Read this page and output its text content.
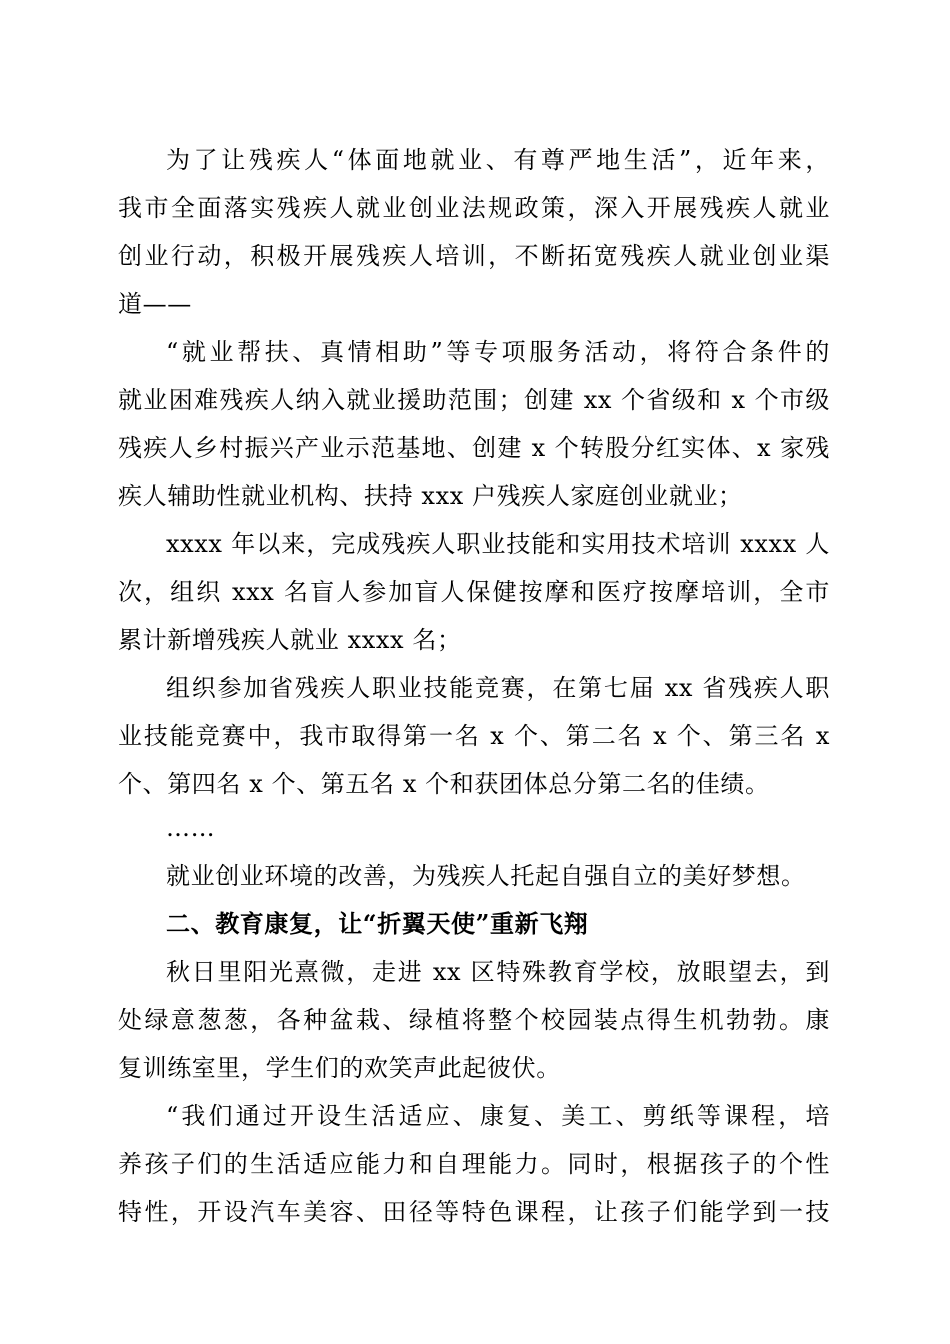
为了让残疾人“体面地就业、有尊严地生活”，近年来，
我市全面落实残疾人就业创业法规政策，深入开展残疾人就业
创业行动，积极开展残疾人培训，不断拓宽残疾人就业创业渠
道——
“就业帮扶、真情相助”等专项服务活动，将符合条件的
就业困难残疾人纳入就业援助范围；创建 xx 个省级和 x 个市级
残疾人乡村振兴产业示范基地、创建 x 个转股分红实体、x 家残
疾人辅助性就业机构、扶持 xxx 户残疾人家庭创业就业；
xxxx 年以来，完成残疾人职业技能和实用技术培训 xxxx 人
次，组织 xxx 名盲人参加盲人保健按摩和医疗按摩培训，全市
累计新增残疾人就业 xxxx 名；
组织参加省残疾人职业技能竞赛，在第七届 xx 省残疾人职
业技能竞赛中，我市取得第一名 x 个、第二名 x 个、第三名 x
个、第四名 x 个、第五名 x 个和获团体总分第二名的佳绩。
……
就业创业环境的改善，为残疾人托起自强自立的美好梦想。
二、教育康复，让“折翼天使”重新飞翔
秋日里阳光熹微，走进 xx 区特殊教育学校，放眼望去，到
处绿意葱葱，各种盆栽、绿植将整个校园装点得生机勃勃。康
复训练室里，学生们的欢笑声此起彼伏。
“我们通过开设生活适应、康复、美工、剪纸等课程，培
养孩子们的生活适应能力和自理能力。同时，根据孩子的个性
特性，开设汽车美容、田径等特色课程，让孩子们能学到一技
